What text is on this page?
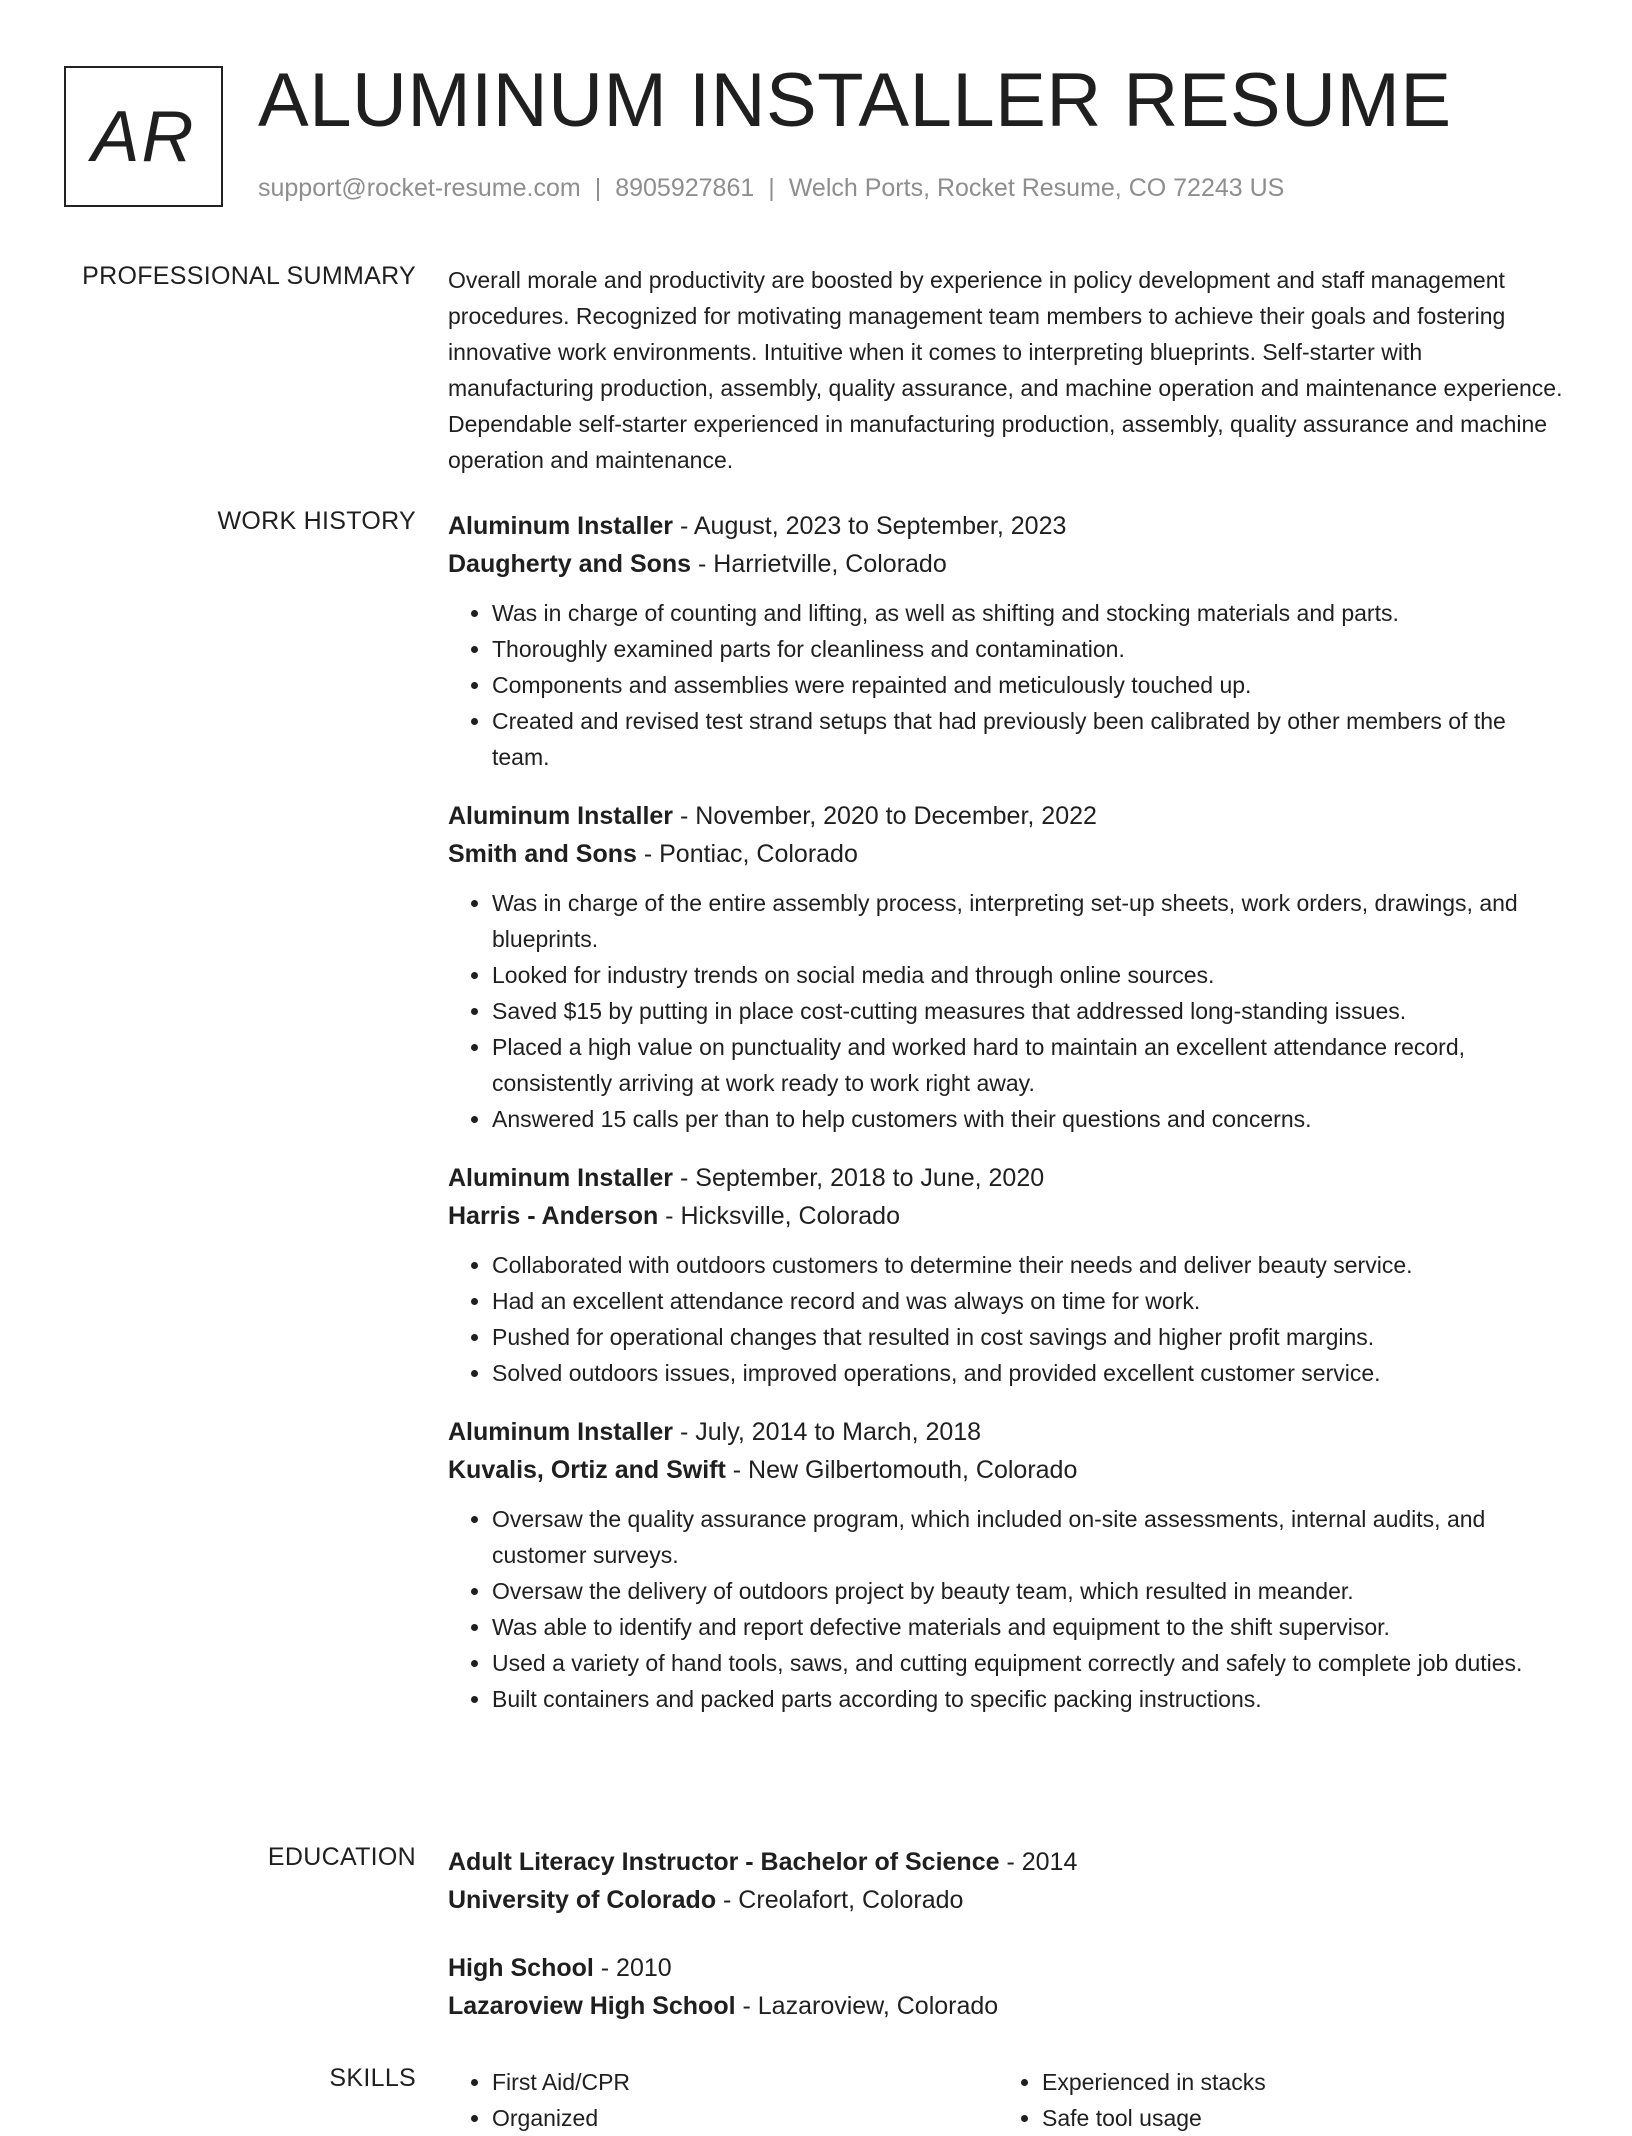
AR ALUMINUM INSTALLER RESUME
support@rocket-resume.com | 8905927861 | Welch Ports, Rocket Resume, CO 72243 US
PROFESSIONAL SUMMARY Overall morale and productivity are boosted by experience in policy development and staff management procedures. Recognized for motivating management team members to achieve their goals and fostering innovative work environments. Intuitive when it comes to interpreting blueprints. Self-starter with manufacturing production, assembly, quality assurance, and machine operation and maintenance experience. Dependable self-starter experienced in manufacturing production, assembly, quality assurance and machine operation and maintenance.

WORK HISTORY Aluminum Installer - August, 2023 to September, 2023
Daugherty and Sons - Harrietville, Colorado
• Was in charge of counting and lifting, as well as shifting and stocking materials and parts.
• Thoroughly examined parts for cleanliness and contamination.
• Components and assemblies were repainted and meticulously touched up.
• Created and revised test strand setups that had previously been calibrated by other members of the team.
Aluminum Installer - November, 2020 to December, 2022
Smith and Sons - Pontiac, Colorado
• Was in charge of the entire assembly process, interpreting set-up sheets, work orders, drawings, and blueprints.
• Looked for industry trends on social media and through online sources.
• Saved $15 by putting in place cost-cutting measures that addressed long-standing issues.
• Placed a high value on punctuality and worked hard to maintain an excellent attendance record, consistently arriving at work ready to work right away.
• Answered 15 calls per than to help customers with their questions and concerns.
Aluminum Installer - September, 2018 to June, 2020
Harris - Anderson - Hicksville, Colorado
• Collaborated with outdoors customers to determine their needs and deliver beauty service.
• Had an excellent attendance record and was always on time for work.
• Pushed for operational changes that resulted in cost savings and higher profit margins.
• Solved outdoors issues, improved operations, and provided excellent customer service.
Aluminum Installer - July, 2014 to March, 2018
Kuvalis, Ortiz and Swift - New Gilbertomouth, Colorado
• Oversaw the quality assurance program, which included on-site assessments, internal audits, and customer surveys.
• Oversaw the delivery of outdoors project by beauty team, which resulted in meander.
• Was able to identify and report defective materials and equipment to the shift supervisor.
• Used a variety of hand tools, saws, and cutting equipment correctly and safely to complete job duties.
• Built containers and packed parts according to specific packing instructions.
EDUCATION Adult Literacy Instructor - Bachelor of Science - 2014
University of Colorado - Creolafort, Colorado
High School - 2010
Lazaroview High School - Lazaroview, Colorado
SKILLS
•	First Aid/CPR
• Organized
• Experienced in stacks
• Safe tool usage
